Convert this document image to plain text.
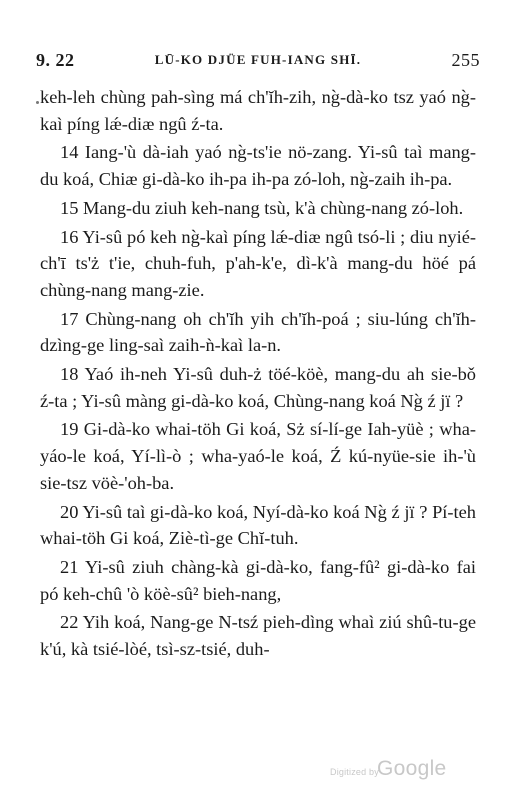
9. 22	LŪ-KO DJÜE FUH-IANG SHĪ.	255

keh-leh chùng pah-sìng má ch'ĭh-zih, ng̀-dà-ko tsz yaó ng̀-kaì píng lǽ-diæ ngû ź-ta.

14 Iang-'ù dà-iah yaó ng̀-ts'ie nö-zang. Yi-sû taì mang-du koá, Chiæ gi-dà-ko ih-pa ih-pa zó-loh, ng̀-zaih ih-pa.

15 Mang-du ziuh keh-nang tsù, k'à chùng-nang zó-loh.

16 Yi-sû pó keh ng̀-kaì píng lǽ-diæ ngû tsó-li ; diu nyié-ch'ī ts'ż t'ie, chuh-fuh, p'ah-k'e, dì-k'à mang-du höé pá chùng-nang mang-zie.

17 Chùng-nang oh ch'ĭh yih ch'ĭh-poá ; siu-lúng ch'ĭh-dzìng-ge ling-saì zaih-ǹ-kaì la-n.

18 Yaó ih-neh Yi-sû duh-ż töé-köè, mang-du ah sie-bǒ ź-ta ; Yi-sû màng gi-dà-ko koá, Chùng-nang koá Ng̀ ź jï ?

19 Gi-dà-ko whai-töh Gi koá, Sż sí-lí-ge Iah-yüè ; wha-yáo-le koá, Yí-lì-ò ; wha-yaó-le koá, Ź kú-nyüe-sie ih-'ù sie-tsz vöè-'oh-ba.

20 Yi-sû taì gi-dà-ko koá, Nyí-dà-ko koá Ng̀ ź jï ? Pí-teh whai-töh Gi koá, Ziè-tì-ge Chĭ-tuh.

21 Yi-sû ziuh chàng-kà gi-dà-ko, fang-fû² gi-dà-ko fai pó keh-chû 'ò köè-sû² bieh-nang,

22 Yih koá, Nang-ge N-tsź pieh-dìng whaì ziú shû-tu-ge k'ú, kà tsié-lòé, tsì-sz-tsié, duh-

Digitized by
Google
